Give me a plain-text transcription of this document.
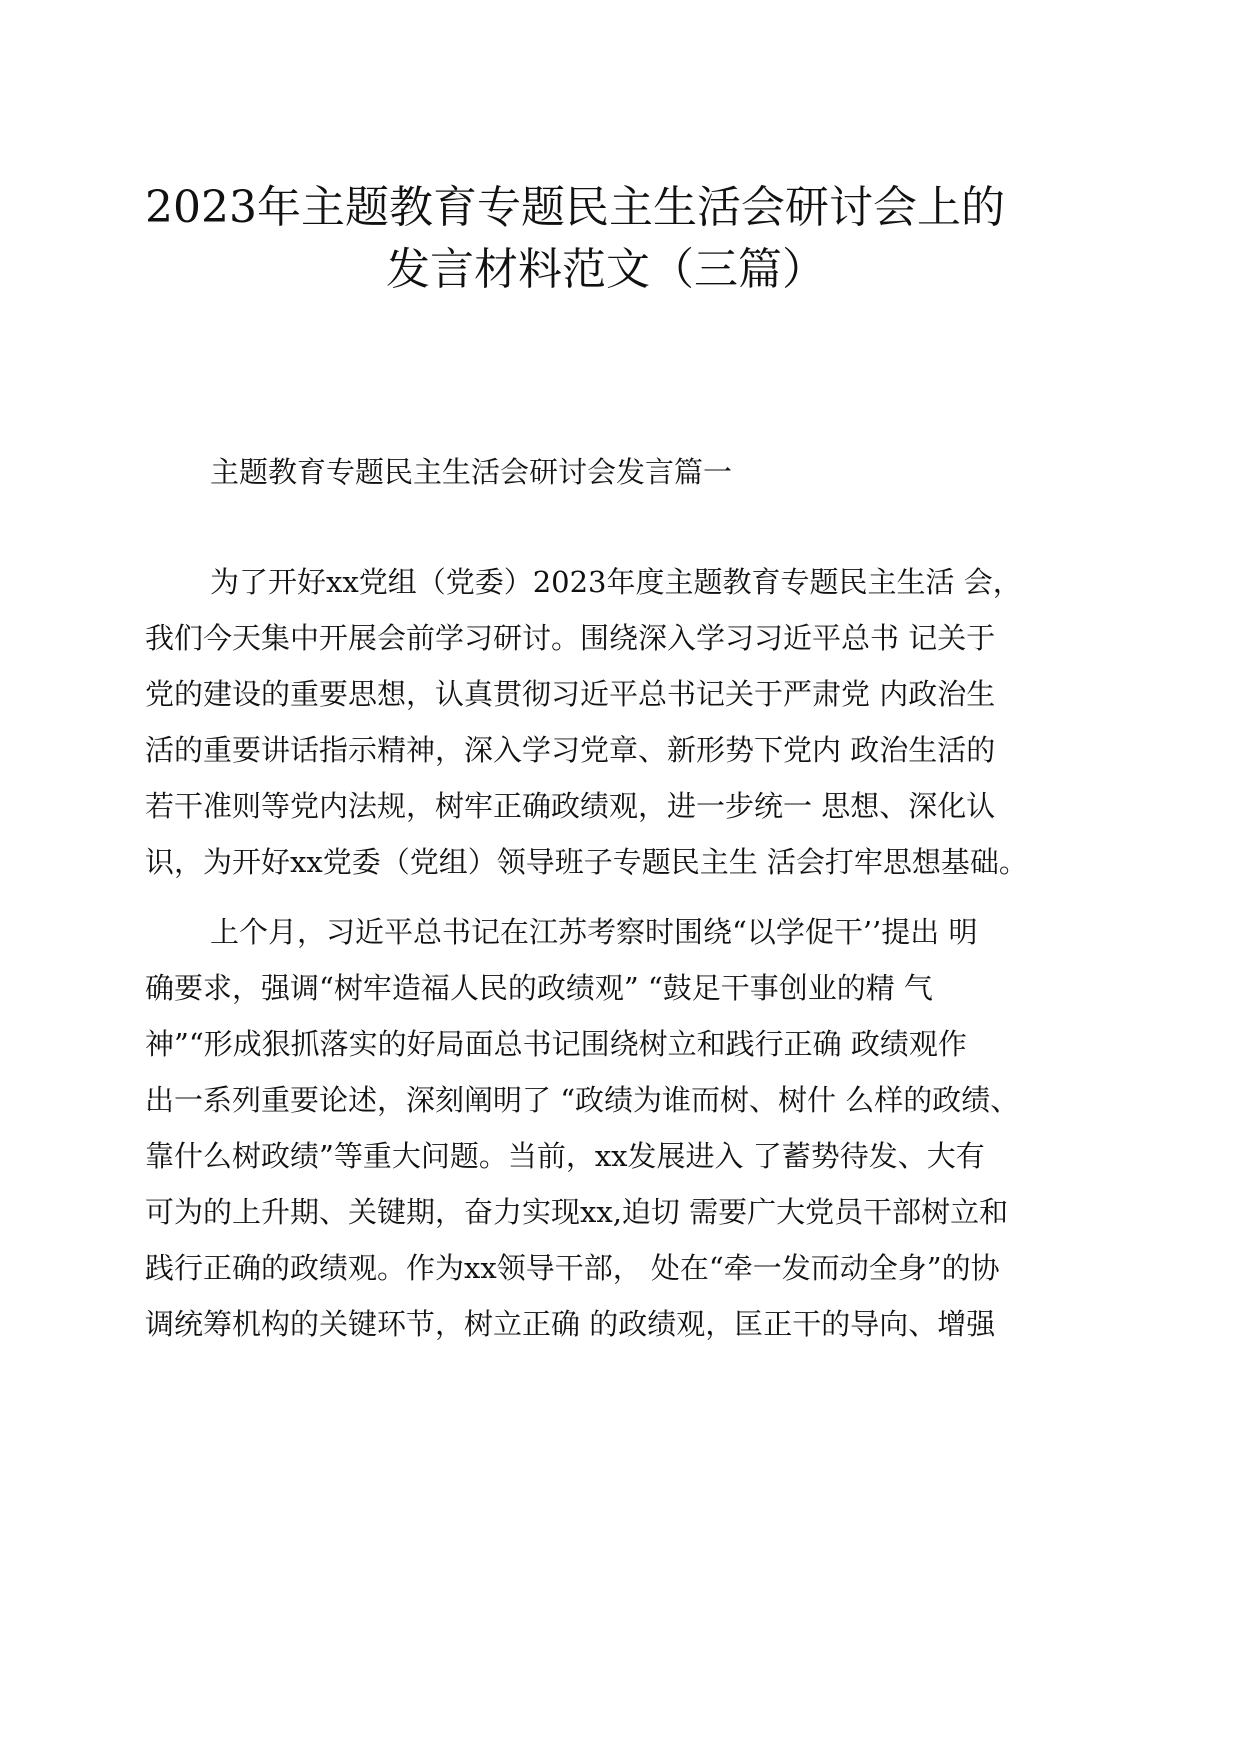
2023年主题教育专题民主生活会研讨会上的
发言材料范文（三篇）

主题教育专题民主生活会研讨会发言篇一

为了开好xx党组（党委）2023年度主题教育专题民主生活 会，

我们今天集中开展会前学习研讨。围绕深入学习习近平总书 记关于

党的建设的重要思想，认真贯彻习近平总书记关于严肃党 内政治生

活的重要讲话指示精神，深入学习党章、新形势下党内 政治生活的

若干准则等党内法规，树牢正确政绩观，进一步统一 思想、深化认

识，为开好xx党委（党组）领导班子专题民主生 活会打牢思想基础。

上个月，习近平总书记在江苏考察时围绕“以学促干’’提出 明

确要求，强调“树牢造福人民的政绩观” “鼓足干事创业的精 气

神”“形成狠抓落实的好局面总书记围绕树立和践行正确 政绩观作

出一系列重要论述，深刻阐明了 “政绩为谁而树、树什 么样的政绩、

靠什么树政绩”等重大问题。当前，xx发展进入 了蓄势待发、大有

可为的上升期、关键期，奋力实现xx,迫切 需要广大党员干部树立和

践行正确的政绩观。作为xx领导干部， 处在“牵一发而动全身”的协

调统筹机构的关键环节，树立正确 的政绩观，匡正干的导向、增强
